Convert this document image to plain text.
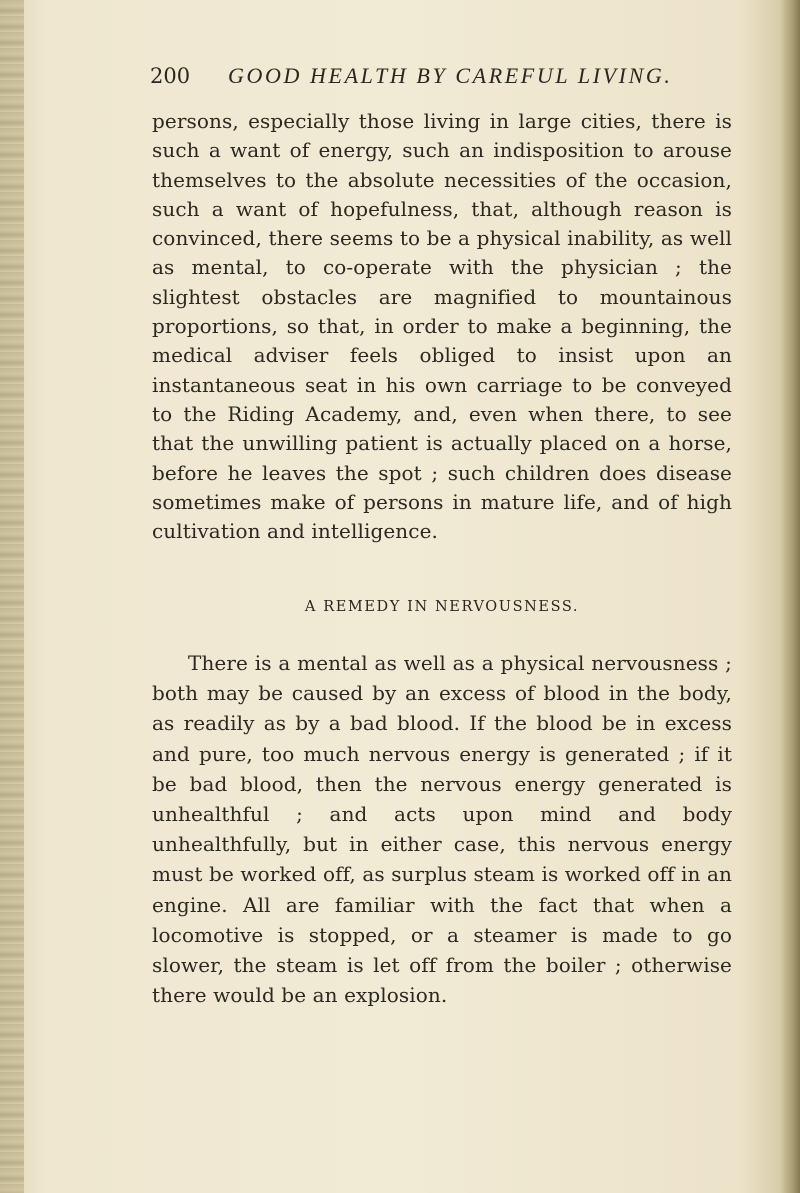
200 GOOD HEALTH BY CAREFUL LIVING.

persons, especially those living in large cities, there is such a want of energy, such an indisposition to arouse themselves to the absolute necessities of the occasion, such a want of hopefulness, that, although reason is convinced, there seems to be a physical inability, as well as mental, to co-operate with the physician ; the slightest obstacles are magnified to mountainous proportions, so that, in order to make a beginning, the medical adviser feels obliged to insist upon an instantaneous seat in his own carriage to be conveyed to the Riding Academy, and, even when there, to see that the unwilling patient is actually placed on a horse, before he leaves the spot ; such children does disease sometimes make of persons in mature life, and of high cultivation and intelligence.

A REMEDY IN NERVOUSNESS.

There is a mental as well as a physical nervousness ; both may be caused by an excess of blood in the body, as readily as by a bad blood. If the blood be in excess and pure, too much nervous energy is generated ; if it be bad blood, then the nervous energy generated is unhealthful ; and acts upon mind and body unhealthfully, but in either case, this nervous energy must be worked off, as surplus steam is worked off in an engine. All are familiar with the fact that when a locomotive is stopped, or a steamer is made to go slower, the steam is let off from the boiler ; otherwise there would be an explosion.
